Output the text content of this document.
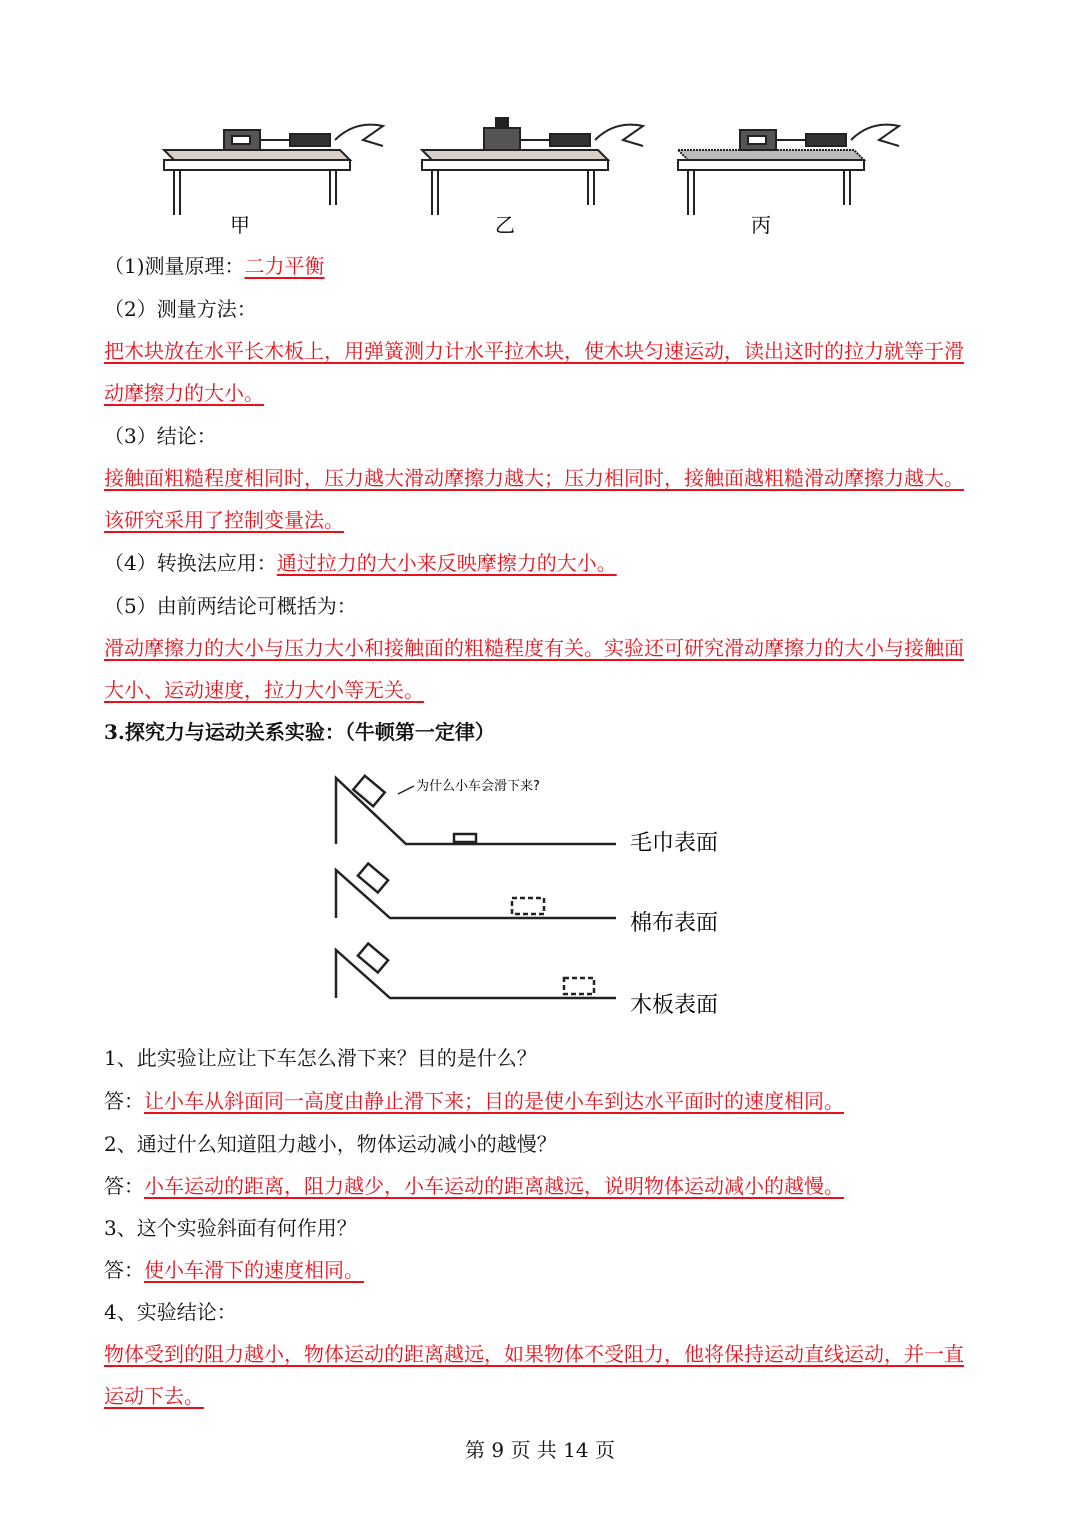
甲	乙	丙
（1)测量原理：二力平衡
（2）测量方法：
把木块放在水平长木板上，用弹簧测力计水平拉木块，使木块匀速运动，读出这时的拉力就等于滑动摩擦力的大小。
（3）结论：
接触面粗糙程度相同时，压力越大滑动摩擦力越大；压力相同时，接触面越粗糙滑动摩擦力越大。该研究采用了控制变量法。
（4）转换法应用：通过拉力的大小来反映摩擦力的大小。
（5）由前两结论可概括为：
滑动摩擦力的大小与压力大小和接触面的粗糙程度有关。实验还可研究滑动摩擦力的大小与接触面大小、运动速度，拉力大小等无关。
3.探究力与运动关系实验：（牛顿第一定律）
为什么小车会滑下来?
毛巾表面
棉布表面
木板表面
1、此实验让应让下车怎么滑下来？目的是什么？
答：让小车从斜面同一高度由静止滑下来；目的是使小车到达水平面时的速度相同。
2、通过什么知道阻力越小，物体运动减小的越慢？
答：小车运动的距离，阻力越少，小车运动的距离越远，说明物体运动减小的越慢。
3、这个实验斜面有何作用？
答：使小车滑下的速度相同。
4、实验结论：
物体受到的阻力越小，物体运动的距离越远，如果物体不受阻力，他将保持运动直线运动，并一直运动下去。
第 9 页 共 14 页
